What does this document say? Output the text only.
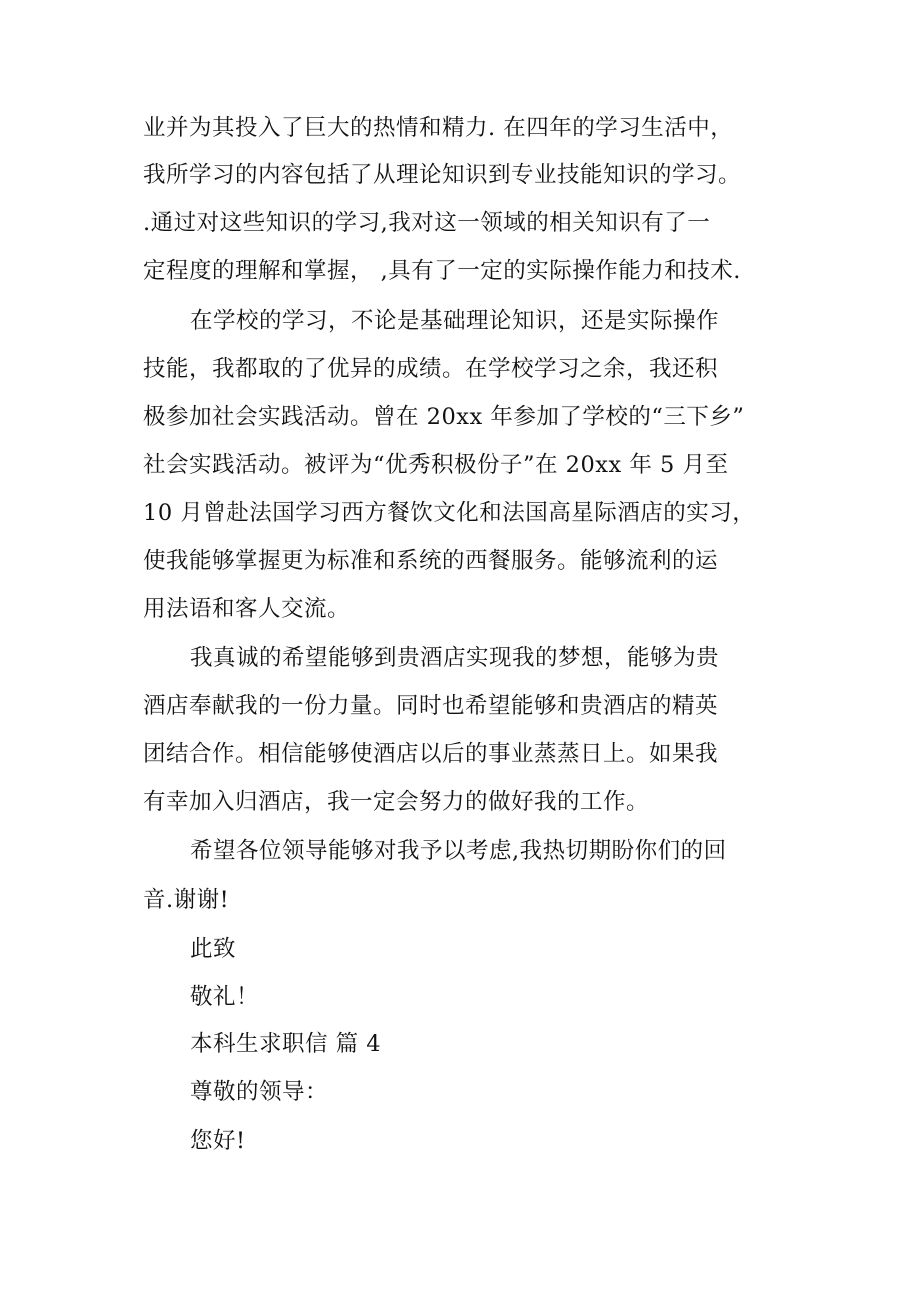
业并为其投入了巨大的热情和精力. 在四年的学习生活中，
我所学习的内容包括了从理论知识到专业技能知识的学习。
.通过对这些知识的学习,我对这一领域的相关知识有了一
定程度的理解和掌握， ,具有了一定的实际操作能力和技术.
在学校的学习，不论是基础理论知识，还是实际操作
技能，我都取的了优异的成绩。在学校学习之余，我还积
极参加社会实践活动。曾在 20xx 年参加了学校的“三下乡”
社会实践活动。被评为“优秀积极份子”在 20xx 年 5 月至
10 月曾赴法国学习西方餐饮文化和法国高星际酒店的实习，
使我能够掌握更为标准和系统的西餐服务。能够流利的运
用法语和客人交流。
我真诚的希望能够到贵酒店实现我的梦想，能够为贵
酒店奉献我的一份力量。同时也希望能够和贵酒店的精英
团结合作。相信能够使酒店以后的事业蒸蒸日上。如果我
有幸加入归酒店，我一定会努力的做好我的工作。
希望各位领导能够对我予以考虑,我热切期盼你们的回
音.谢谢!
此致
敬礼！
本科生求职信 篇 4
尊敬的领导：
您好!
